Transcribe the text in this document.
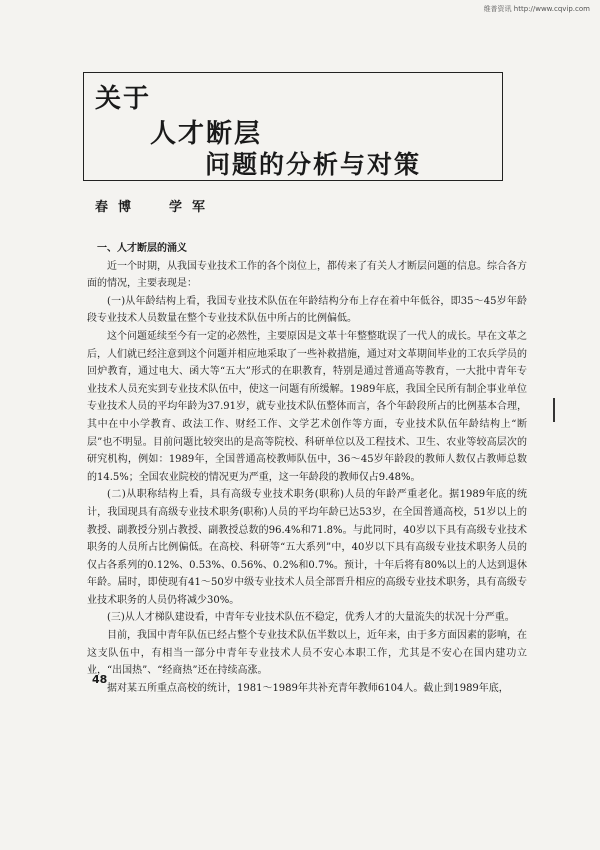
维普资讯 http://www.cqvip.com
关于
人才断层
问题的分析与对策
春博 学军

一、人才断层的涌义

近一个时期，从我国专业技术工作的各个岗位上，都传来了有关人才断层问题的信息。综合各方面的情况，主要表现是：

(一)从年龄结构上看，我国专业技术队伍在年龄结构分布上存在着中年低谷，即35～45岁年龄段专业技术人员数量在整个专业技术队伍中所占的比例偏低。

这个问题延续至今有一定的必然性，主要原因是文革十年整整耽误了一代人的成长。早在文革之后，人们就已经注意到这个问题并相应地采取了一些补救措施，通过对文革期间毕业的工农兵学员的回炉教育，通过电大、函大等“五大”形式的在职教育，特别是通过普通高等教育，一大批中青年专业技术人员充实到专业技术队伍中，使这一问题有所缓解。1989年底，我国全民所有制企事业单位专业技术人员的平均年龄为37.91岁，就专业技术队伍整体而言，各个年龄段所占的比例基本合理，其中在中小学教育、政法工作、财经工作、文学艺术创作等方面，专业技术队伍年龄结构上“断层”也不明显。目前问题比较突出的是高等院校、科研单位以及工程技术、卫生、农业等较高层次的研究机构，例如：1989年，全国普通高校教师队伍中，36～45岁年龄段的教师人数仅占教师总数的14.5%；全国农业院校的情况更为严重，这一年龄段的教师仅占9.48%。

(二)从职称结构上看，具有高级专业技术职务(职称)人员的年龄严重老化。据1989年底的统计，我国现具有高级专业技术职务(职称)人员的平均年龄已达53岁，在全国普通高校，51岁以上的教授、副教授分别占教授、副教授总数的96.4%和71.8%。与此同时，40岁以下具有高级专业技术职务的人员所占比例偏低。在高校、科研等“五大系列”中，40岁以下具有高级专业技术职务人员的仅占各系列的0.12%、0.53%、0.56%、0.2%和0.7%。预计，十年后将有80%以上的人达到退休年龄。届时，即使现有41～50岁中级专业技术人员全部晋升相应的高级专业技术职务，具有高级专业技术职务的人员仍将减少30%。

(三)从人才梯队建设看，中青年专业技术队伍不稳定，优秀人才的大量流失的状况十分严重。

目前，我国中青年队伍已经占整个专业技术队伍半数以上，近年来，由于多方面因素的影响，在这支队伍中，有相当一部分中青年专业技术人员不安心本职工作，尤其是不安心在国内建功立业，“出国热”、“经商热”还在持续高涨。

据对某五所重点高校的统计，1981～1989年共补充青年教师6104人。截止到1989年底，

48
